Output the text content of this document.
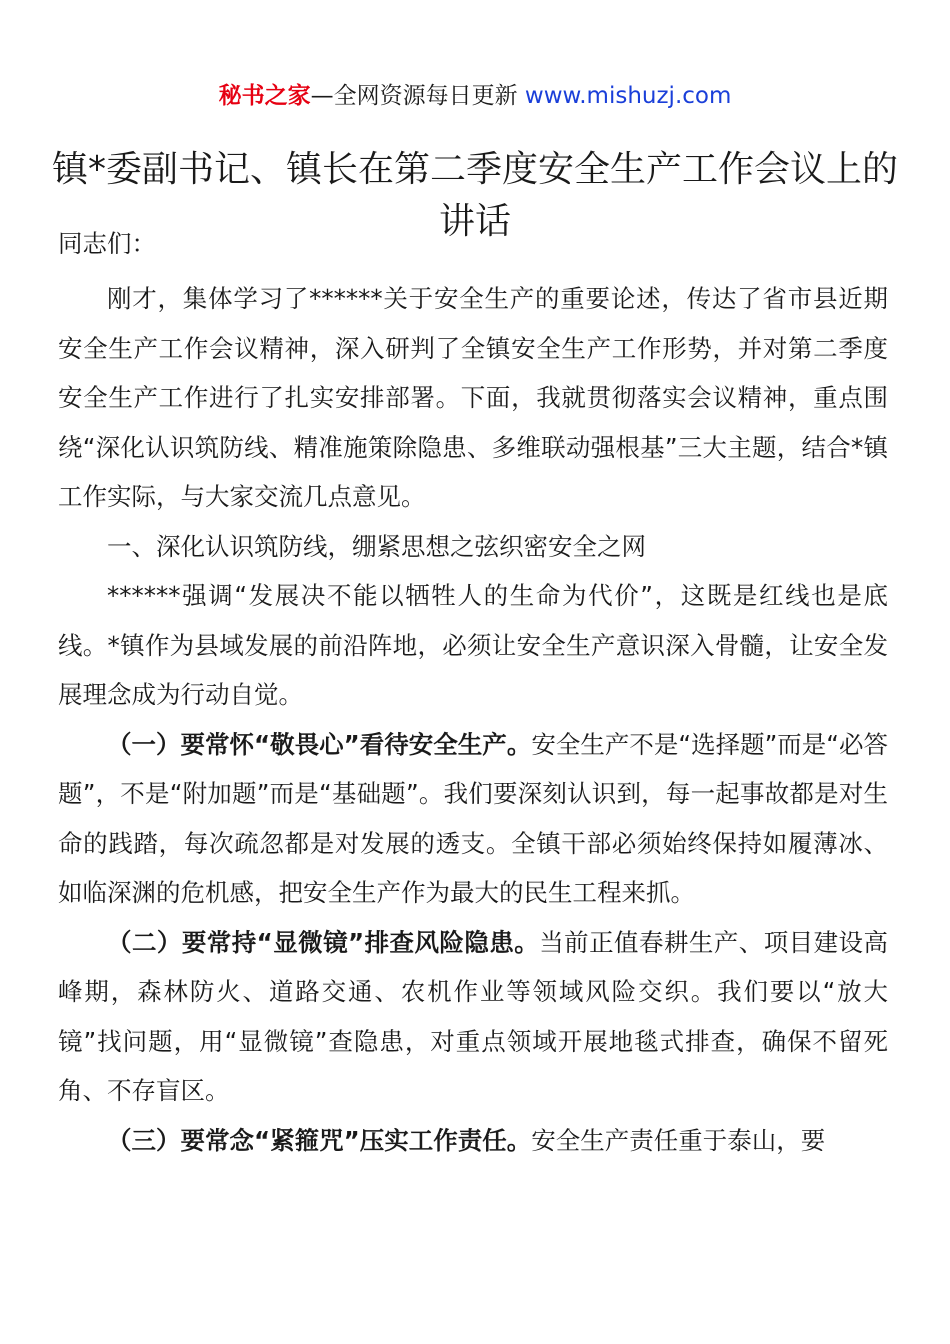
秘书之家—全网资源每日更新 www.mishuzj.com
镇*委副书记、镇长在第二季度安全生产工作会议上的讲话

同志们：

刚才，集体学习了******关于安全生产的重要论述，传达了省市县近期安全生产工作会议精神，深入研判了全镇安全生产工作形势，并对第二季度安全生产工作进行了扎实安排部署。下面，我就贯彻落实会议精神，重点围绕“深化认识筑防线、精准施策除隐患、多维联动强根基”三大主题，结合*镇工作实际，与大家交流几点意见。

一、深化认识筑防线，绷紧思想之弦织密安全之网

******强调“发展决不能以牺牲人的生命为代价”，这既是红线也是底线。*镇作为县域发展的前沿阵地，必须让安全生产意识深入骨髓，让安全发展理念成为行动自觉。

（一）要常怀“敬畏心”看待安全生产。安全生产不是“选择题”而是“必答题”，不是“附加题”而是“基础题”。我们要深刻认识到，每一起事故都是对生命的践踏，每次疏忽都是对发展的透支。全镇干部必须始终保持如履薄冰、如临深渊的危机感，把安全生产作为最大的民生工程来抓。

（二）要常持“显微镜”排查风险隐患。当前正值春耕生产、项目建设高峰期，森林防火、道路交通、农机作业等领域风险交织。我们要以“放大镜”找问题，用“显微镜”查隐患，对重点领域开展地毯式排查，确保不留死角、不存盲区。

（三）要常念“紧箍咒”压实工作责任。安全生产责任重于泰山，要
